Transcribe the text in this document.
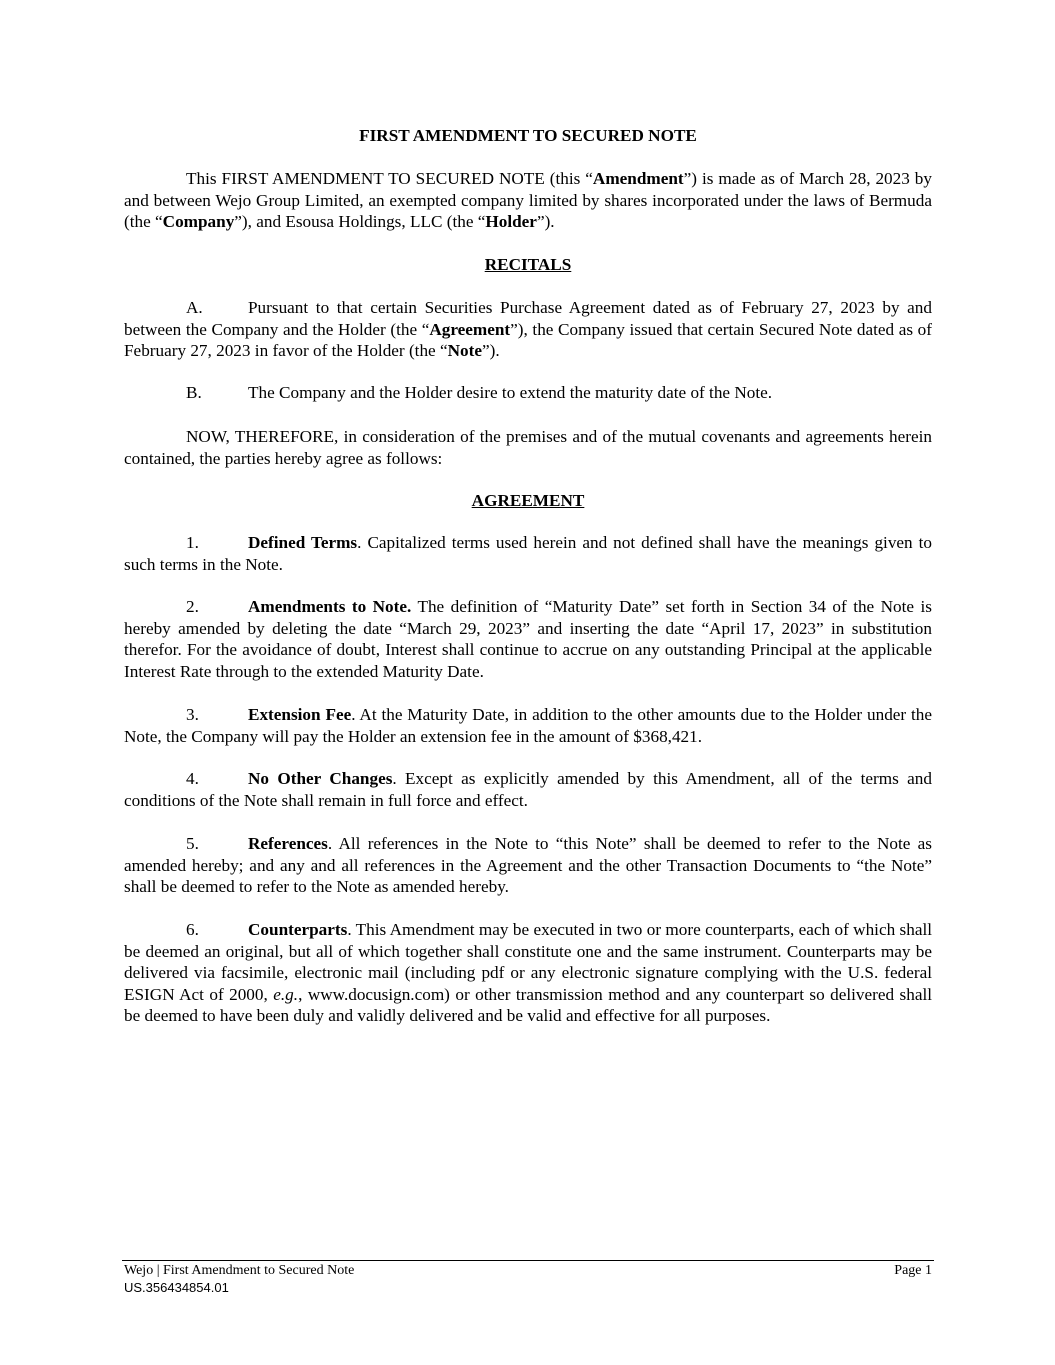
FIRST AMENDMENT TO SECURED NOTE

This FIRST AMENDMENT TO SECURED NOTE (this “Amendment”) is made as of March 28, 2023 by and between Wejo Group Limited, an exempted company limited by shares incorporated under the laws of Bermuda (the “Company”), and Esousa Holdings, LLC (the “Holder”).

RECITALS

A.	Pursuant to that certain Securities Purchase Agreement dated as of February 27, 2023 by and between the Company and the Holder (the “Agreement”), the Company issued that certain Secured Note dated as of February 27, 2023 in favor of the Holder (the “Note”).

B.	The Company and the Holder desire to extend the maturity date of the Note.

NOW, THEREFORE, in consideration of the premises and of the mutual covenants and agreements herein contained, the parties hereby agree as follows:

AGREEMENT

1.	Defined Terms. Capitalized terms used herein and not defined shall have the meanings given to such terms in the Note.

2.	Amendments to Note. The definition of “Maturity Date” set forth in Section 34 of the Note is hereby amended by deleting the date “March 29, 2023” and inserting the date “April 17, 2023” in substitution therefor. For the avoidance of doubt, Interest shall continue to accrue on any outstanding Principal at the applicable Interest Rate through to the extended Maturity Date.

3.	Extension Fee. At the Maturity Date, in addition to the other amounts due to the Holder under the Note, the Company will pay the Holder an extension fee in the amount of $368,421.

4.	No Other Changes. Except as explicitly amended by this Amendment, all of the terms and conditions of the Note shall remain in full force and effect.

5.	References. All references in the Note to “this Note” shall be deemed to refer to the Note as amended hereby; and any and all references in the Agreement and the other Transaction Documents to “the Note” shall be deemed to refer to the Note as amended hereby.

6.	Counterparts. This Amendment may be executed in two or more counterparts, each of which shall be deemed an original, but all of which together shall constitute one and the same instrument. Counterparts may be delivered via facsimile, electronic mail (including pdf or any electronic signature complying with the U.S. federal ESIGN Act of 2000, e.g., www.docusign.com) or other transmission method and any counterpart so delivered shall be deemed to have been duly and validly delivered and be valid and effective for all purposes.

Wejo | First Amendment to Secured Note	Page 1
US.356434854.01
